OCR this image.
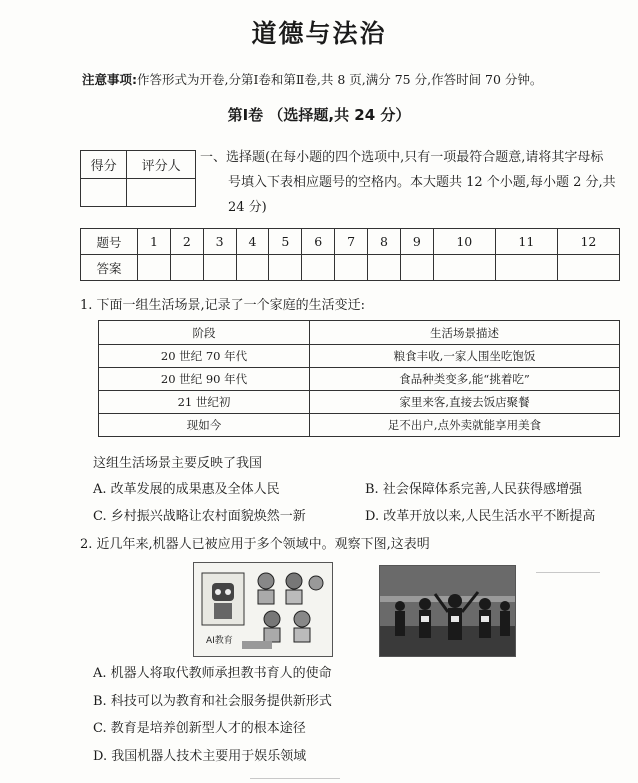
道德与法治
注意事项:作答形式为开卷,分第Ⅰ卷和第Ⅱ卷,共 8 页,满分 75 分,作答时间 70 分钟。
第Ⅰ卷 （选择题,共 24 分）
得分	评分人

一、选择题(在每小题的四个选项中,只有一项最符合题意,请将其字母标
号填入下表相应题号的空格内。本大题共 12 个小题,每小题 2 分,共
24 分)
题号	1	2	3	4	5	6	7	8	9	10	11	12
答案												
1. 下面一组生活场景,记录了一个家庭的生活变迁:
阶段	生活场景描述
20 世纪 70 年代	粮食丰收,一家人围坐吃饱饭
20 世纪 90 年代	食品种类变多,能“挑着吃”
21 世纪初	家里来客,直接去饭店聚餐
现如今	足不出户,点外卖就能享用美食
这组生活场景主要反映了我国
A. 改革发展的成果惠及全体人民	B. 社会保障体系完善,人民获得感增强
C. 乡村振兴战略让农村面貌焕然一新	D. 改革开放以来,人民生活水平不断提高
2. 近几年来,机器人已被应用于多个领域中。观察下图,这表明
AI教育
A. 机器人将取代教师承担教书育人的使命
B. 科技可以为教育和社会服务提供新形式
C. 教育是培养创新型人才的根本途径
D. 我国机器人技术主要用于娱乐领域
